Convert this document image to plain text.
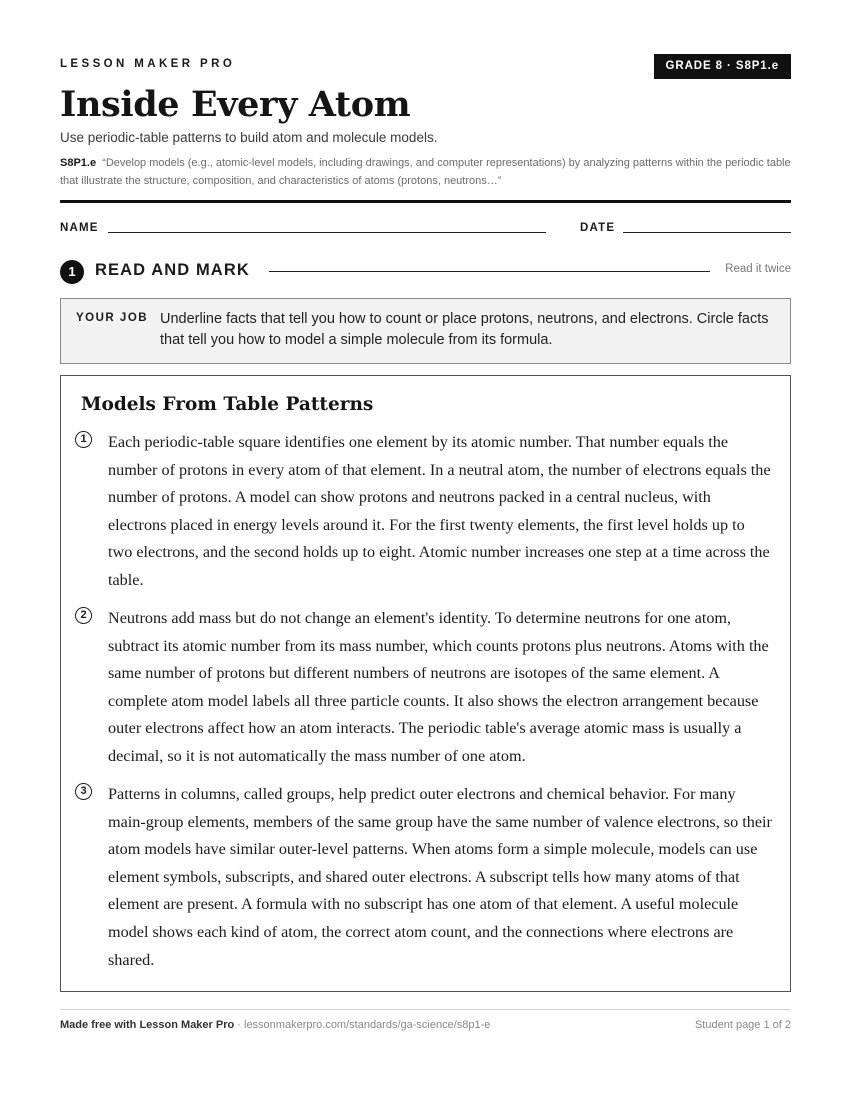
LESSON MAKER PRO	GRADE 8 · S8P1.e
Inside Every Atom
Use periodic-table patterns to build atom and molecule models.
S8P1.e “Develop models (e.g., atomic-level models, including drawings, and computer representations) by analyzing patterns within the periodic table that illustrate the structure, composition, and characteristics of atoms (protons, neutrons…”
NAME	DATE
1	READ AND MARK	Read it twice
YOUR JOB Underline facts that tell you how to count or place protons, neutrons, and electrons. Circle facts that tell you how to model a simple molecule from its formula.
Models From Table Patterns
1	Each periodic-table square identifies one element by its atomic number. That number equals the number of protons in every atom of that element. In a neutral atom, the number of electrons equals the number of protons. A model can show protons and neutrons packed in a central nucleus, with electrons placed in energy levels around it. For the first twenty elements, the first level holds up to two electrons, and the second holds up to eight. Atomic number increases one step at a time across the table.

2	Neutrons add mass but do not change an element's identity. To determine neutrons for one atom, subtract its atomic number from its mass number, which counts protons plus neutrons. Atoms with the same number of protons but different numbers of neutrons are isotopes of the same element. A complete atom model labels all three particle counts. It also shows the electron arrangement because outer electrons affect how an atom interacts. The periodic table's average atomic mass is usually a decimal, so it is not automatically the mass number of one atom.

3	Patterns in columns, called groups, help predict outer electrons and chemical behavior. For many main-group elements, members of the same group have the same number of valence electrons, so their atom models have similar outer-level patterns. When atoms form a simple molecule, models can use element symbols, subscripts, and shared outer electrons. A subscript tells how many atoms of that element are present. A formula with no subscript has one atom of that element. A useful molecule model shows each kind of atom, the correct atom count, and the connections where electrons are shared.

Made free with Lesson Maker Pro · lessonmakerpro.com/standards/ga-science/s8p1-e	Student page 1 of 2
